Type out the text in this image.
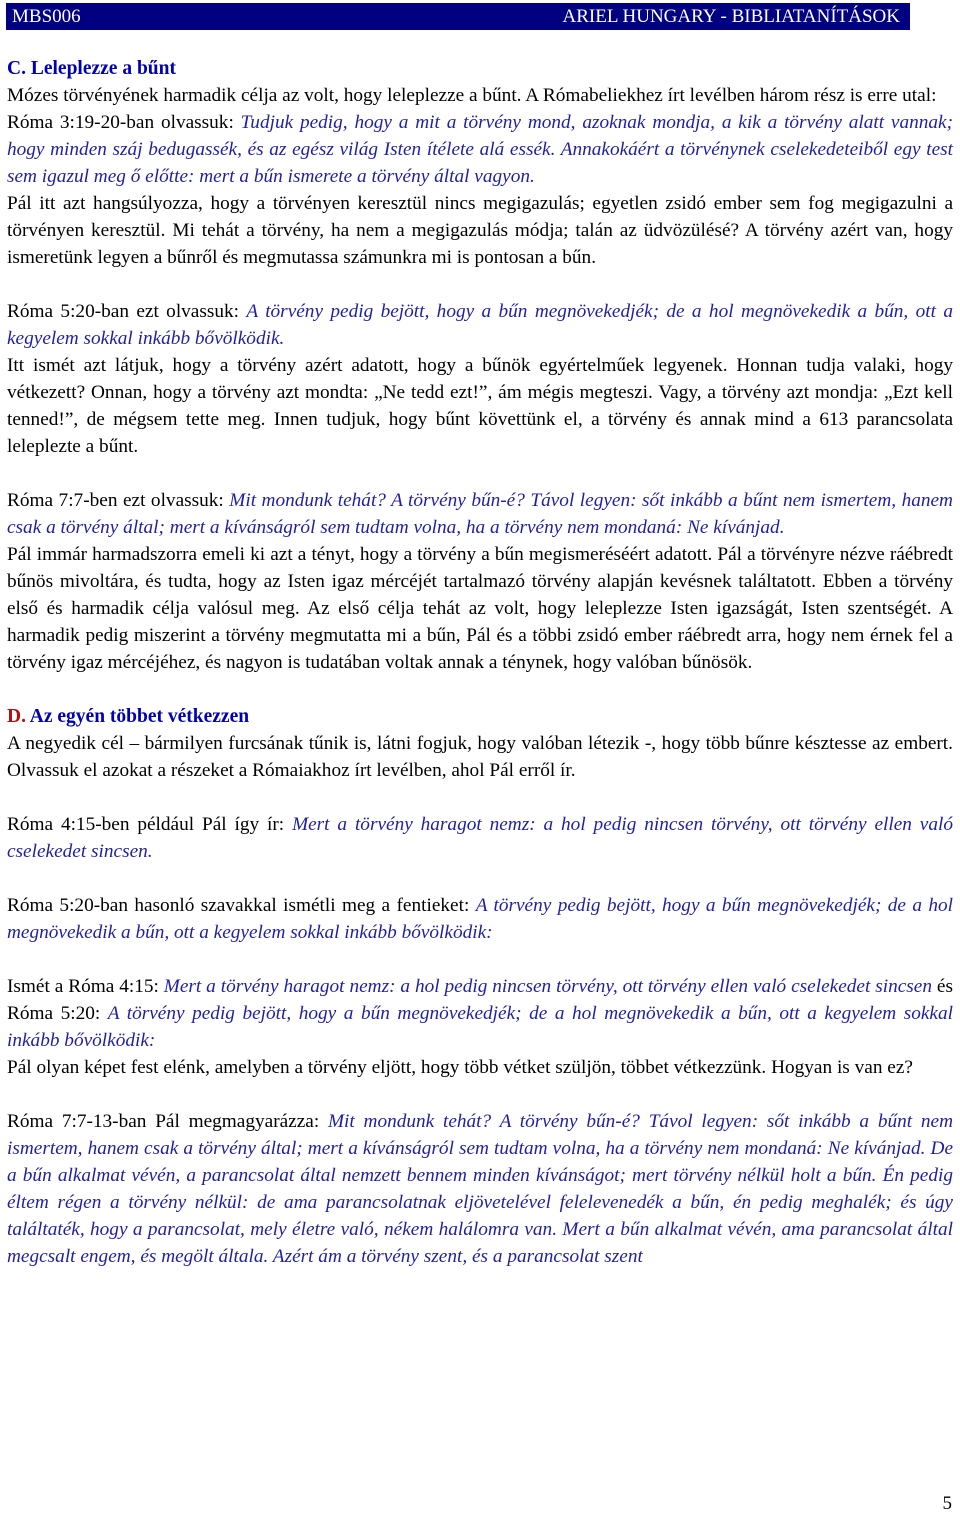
MBS006	ARIEL HUNGARY - BIBLIATANÍTÁSOK

C. Leleplezze a bűnt

Mózes törvényének harmadik célja az volt, hogy leleplezze a bűnt. A Rómabeliekhez írt levélben három rész is erre utal:

Róma 3:19-20-ban olvassuk: Tudjuk pedig, hogy a mit a törvény mond, azoknak mondja, a kik a törvény alatt vannak; hogy minden száj bedugassék, és az egész világ Isten ítélete alá essék. Annakokáért a törvénynek cselekedeteiből egy test sem igazul meg ő előtte: mert a bűn ismerete a törvény által vagyon.

Pál itt azt hangsúlyozza, hogy a törvényen keresztül nincs megigazulás; egyetlen zsidó ember sem fog megigazulni a törvényen keresztül. Mi tehát a törvény, ha nem a megigazulás módja; talán az üdvözülésé? A törvény azért van, hogy ismeretünk legyen a bűnről és megmutassa számunkra mi is pontosan a bűn.

Róma 5:20-ban ezt olvassuk: A törvény pedig bejött, hogy a bűn megnövekedjék; de a hol megnövekedik a bűn, ott a kegyelem sokkal inkább bővölködik.

Itt ismét azt látjuk, hogy a törvény azért adatott, hogy a bűnök egyértelműek legyenek. Honnan tudja valaki, hogy vétkezett? Onnan, hogy a törvény azt mondta: „Ne tedd ezt!”, ám mégis megteszi. Vagy, a törvény azt mondja: „Ezt kell tenned!”, de mégsem tette meg. Innen tudjuk, hogy bűnt követtünk el, a törvény és annak mind a 613 parancsolata leleplezte a bűnt.

Róma 7:7-ben ezt olvassuk: Mit mondunk tehát? A törvény bűn-é? Távol legyen: sőt inkább a bűnt nem ismertem, hanem csak a törvény által; mert a kívánságról sem tudtam volna, ha a törvény nem mondaná: Ne kívánjad.

Pál immár harmadszorra emeli ki azt a tényt, hogy a törvény a bűn megismeréséért adatott. Pál a törvényre nézve ráébredt bűnös mivoltára, és tudta, hogy az Isten igaz mércéjét tartalmazó törvény alapján kevésnek találtatott. Ebben a törvény első és harmadik célja valósul meg. Az első célja tehát az volt, hogy leleplezze Isten igazságát, Isten szentségét. A harmadik pedig miszerint a törvény megmutatta mi a bűn, Pál és a többi zsidó ember ráébredt arra, hogy nem érnek fel a törvény igaz mércéjéhez, és nagyon is tudatában voltak annak a ténynek, hogy valóban bűnösök.

D. Az egyén többet vétkezzen

A negyedik cél – bármilyen furcsának tűnik is, látni fogjuk, hogy valóban létezik -, hogy több bűnre késztesse az embert. Olvassuk el azokat a részeket a Rómaiakhoz írt levélben, ahol Pál erről ír.

Róma 4:15-ben például Pál így ír: Mert a törvény haragot nemz: a hol pedig nincsen törvény, ott törvény ellen való cselekedet sincsen.

Róma 5:20-ban hasonló szavakkal ismétli meg a fentieket: A törvény pedig bejött, hogy a bűn megnövekedjék; de a hol megnövekedik a bűn, ott a kegyelem sokkal inkább bővölködik:

Ismét a Róma 4:15: Mert a törvény haragot nemz: a hol pedig nincsen törvény, ott törvény ellen való cselekedet sincsen és Róma 5:20: A törvény pedig bejött, hogy a bűn megnövekedjék; de a hol megnövekedik a bűn, ott a kegyelem sokkal inkább bővölködik:

Pál olyan képet fest elénk, amelyben a törvény eljött, hogy több vétket szüljön, többet vétkezzünk. Hogyan is van ez?

Róma 7:7-13-ban Pál megmagyarázza: Mit mondunk tehát? A törvény bűn-é? Távol legyen: sőt inkább a bűnt nem ismertem, hanem csak a törvény által; mert a kívánságról sem tudtam volna, ha a törvény nem mondaná: Ne kívánjad. De a bűn alkalmat vévén, a parancsolat által nemzett bennem minden kívánságot; mert törvény nélkül holt a bűn. Én pedig éltem régen a törvény nélkül: de ama parancsolatnak eljövetelével felelevenedék a bűn, én pedig meghalék; és úgy találtaték, hogy a parancsolat, mely életre való, nékem halálomra van. Mert a bűn alkalmat vévén, ama parancsolat által megcsalt engem, és megölt általa. Azért ám a törvény szent, és a parancsolat szent

5
